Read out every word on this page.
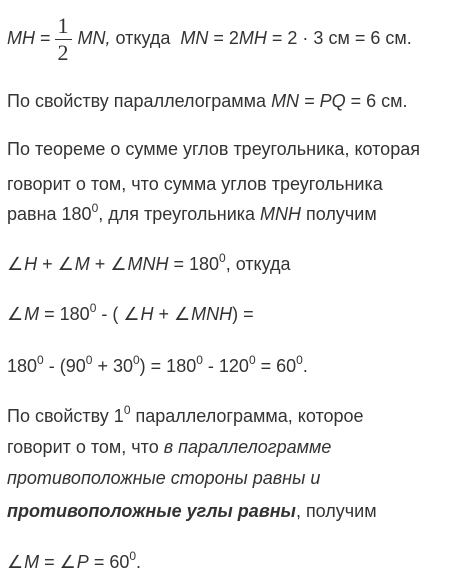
MH = $\frac{1}{2}$ MN, откуда  MN = 2MH = 2 · 3 см = 6 см.
По свойству параллелограмма MN = PQ = 6 см.
По теореме о сумме углов треугольника, которая
говорит о том, что сумма углов треугольника
равна $180^0$, для треугольника MNH получим
∠H + ∠M + ∠MNH = $180^0$, откуда
∠M = $180^0$ - ( ∠H + ∠MNH) =
$180^0 - (90^0 + 30^0) = 180^0 - 120^0 = 60^0$.
По свойству $1^0$ параллелограмма, которое
говорит о том, что в параллелограмме
противоположные стороны равны и
противоположные углы равны, получим
∠M = ∠P = $60^0$.
